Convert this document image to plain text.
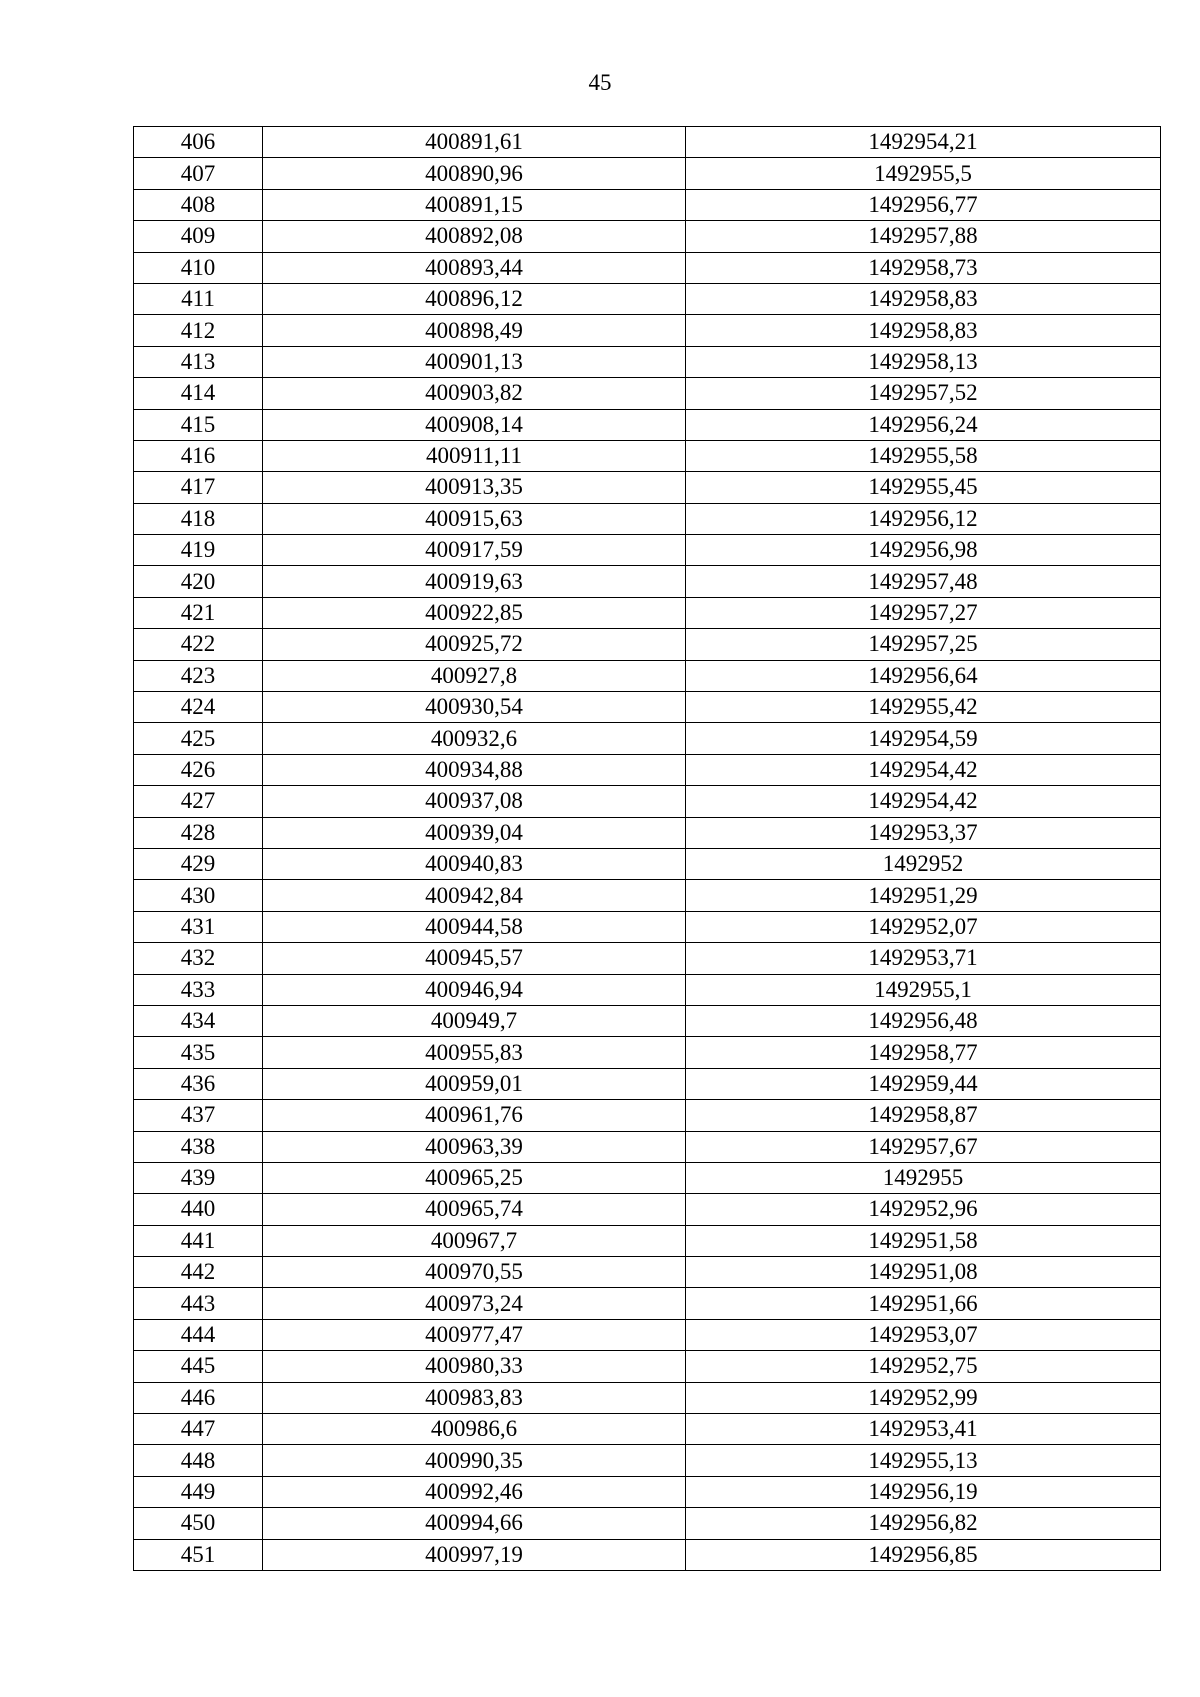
45
406	400891,61	1492954,21
407	400890,96	1492955,5
408	400891,15	1492956,77
409	400892,08	1492957,88
410	400893,44	1492958,73
411	400896,12	1492958,83
412	400898,49	1492958,83
413	400901,13	1492958,13
414	400903,82	1492957,52
415	400908,14	1492956,24
416	400911,11	1492955,58
417	400913,35	1492955,45
418	400915,63	1492956,12
419	400917,59	1492956,98
420	400919,63	1492957,48
421	400922,85	1492957,27
422	400925,72	1492957,25
423	400927,8	1492956,64
424	400930,54	1492955,42
425	400932,6	1492954,59
426	400934,88	1492954,42
427	400937,08	1492954,42
428	400939,04	1492953,37
429	400940,83	1492952
430	400942,84	1492951,29
431	400944,58	1492952,07
432	400945,57	1492953,71
433	400946,94	1492955,1
434	400949,7	1492956,48
435	400955,83	1492958,77
436	400959,01	1492959,44
437	400961,76	1492958,87
438	400963,39	1492957,67
439	400965,25	1492955
440	400965,74	1492952,96
441	400967,7	1492951,58
442	400970,55	1492951,08
443	400973,24	1492951,66
444	400977,47	1492953,07
445	400980,33	1492952,75
446	400983,83	1492952,99
447	400986,6	1492953,41
448	400990,35	1492955,13
449	400992,46	1492956,19
450	400994,66	1492956,82
451	400997,19	1492956,85
